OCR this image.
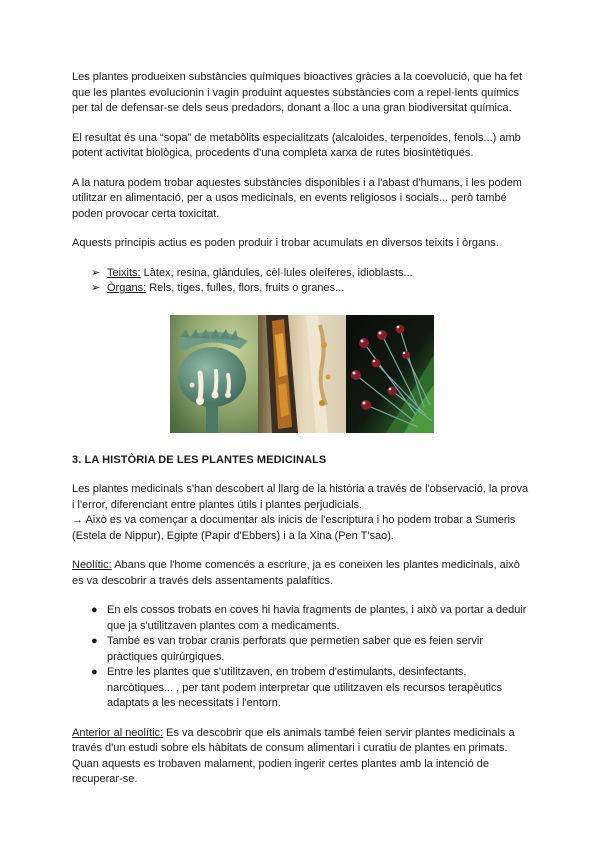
Les plantes produeixen substàncies químiques bioactives gràcies a la coevolució, que ha fet que les plantes evolucionin i vagin produint aquestes substàncies com a repel·lents químics per tal de defensar-se dels seus predadors, donant a lloc a una gran biodiversitat química.

El resultat és una “sopa” de metabòlits especialitzats (alcaloides, terpenoides, fenols...) amb potent activitat biològica, procedents d'una completa xarxa de rutes biosintètiques.

A la natura podem trobar aquestes substàncies disponibles i a l'abast d'humans, i les podem utilitzar en alimentació, per a usos medicinals, en events religiosos i socials... però també poden provocar certa toxicitat.

Aquests principis actius es poden produir i trobar acumulats en diversos teixits i òrgans.

➢ Teixits: Làtex, resina, glàndules, cèl·lules oleíferes, idioblasts...
➢ Òrgans: Rels, tiges, fulles, flors, fruits o granes...
3. LA HISTÒRIA DE LES PLANTES MEDICINALS

Les plantes medicinals s'han descobert al llarg de la història a través de l'observació, la prova i l'error, diferenciant entre plantes útils i plantes perjudicials.

→ Això es va començar a documentar als inicis de l'escriptura i ho podem trobar a Sumeris (Estela de Nippur), Egipte (Papir d'Ebbers) i a la Xina (Pen T'sao).

Neolític: Abans que l'home comencés a escriure, ja es coneixen les plantes medicinals, això es va descobrir a través dels assentaments palafítics.

● En els cossos trobats en coves hi havia fragments de plantes, i això va portar a deduir que ja s'utilitzaven plantes com a medicaments.
● També es van trobar cranis perforats que permetien saber que es feien servir pràctiques quirúrgiques.
● Entre les plantes que s'utilitzaven, en trobem d'estimulants, desinfectants, narcòtiques... , per tant podem interpretar que utilitzaven els recursos terapèutics adaptats a les necessitats i l'entorn.

Anterior al neolític: Es va descobrir que els animals també feien servir plantes medicinals a través d'un estudi sobre els hàbitats de consum alimentari i curatiu de plantes en primats. Quan aquests es trobaven malament, podien ingerir certes plantes amb la intenció de recuperar-se.
